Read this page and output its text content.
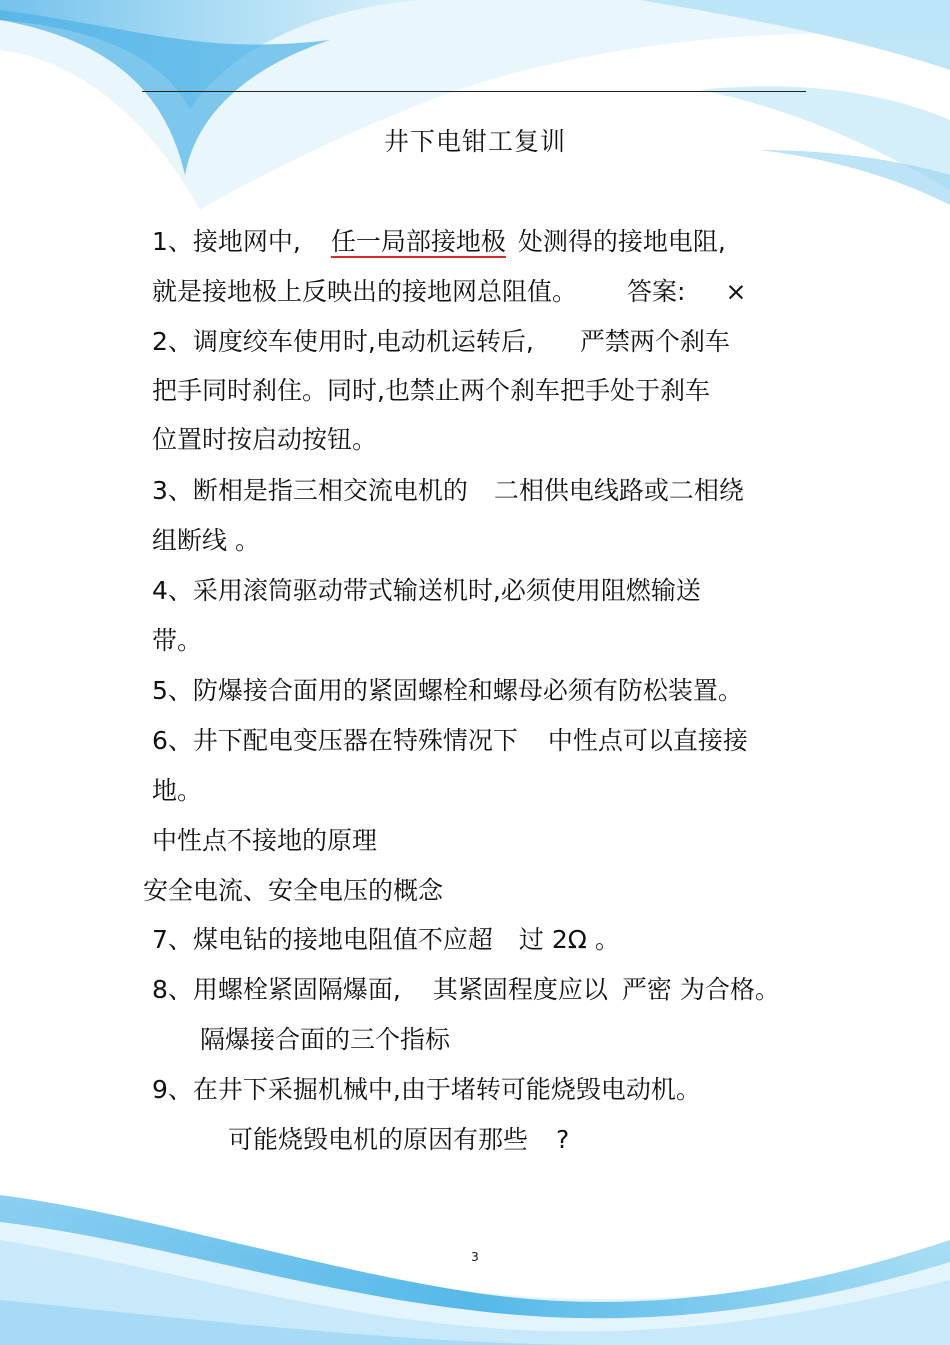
井下电钳工复训
1、接地网中, 任一局部接地极 处测得的接地电阻,
就是接地极上反映出的接地网总阻值。 答案: ×
2、调度绞车使用时,电动机运转后, 严禁两个刹车
把手同时刹住。同时,也禁止两个刹车把手处于刹车
位置时按启动按钮。
3、断相是指三相交流电机的 二相供电线路或二相绕
组断线 。
4、采用滚筒驱动带式输送机时,必须使用阻燃输送
带。
5、防爆接合面用的紧固螺栓和螺母必须有防松装置。
6、井下配电变压器在特殊情况下 中性点可以直接接
地。
中性点不接地的原理
安全电流、安全电压的概念
7、煤电钻的接地电阻值不应超 过 2Ω 。
8、用螺栓紧固隔爆面, 其紧固程度应以 严密 为合格。
隔爆接合面的三个指标
9、在井下采掘机械中,由于堵转可能烧毁电动机。
可能烧毁电机的原因有那些 ?
3
